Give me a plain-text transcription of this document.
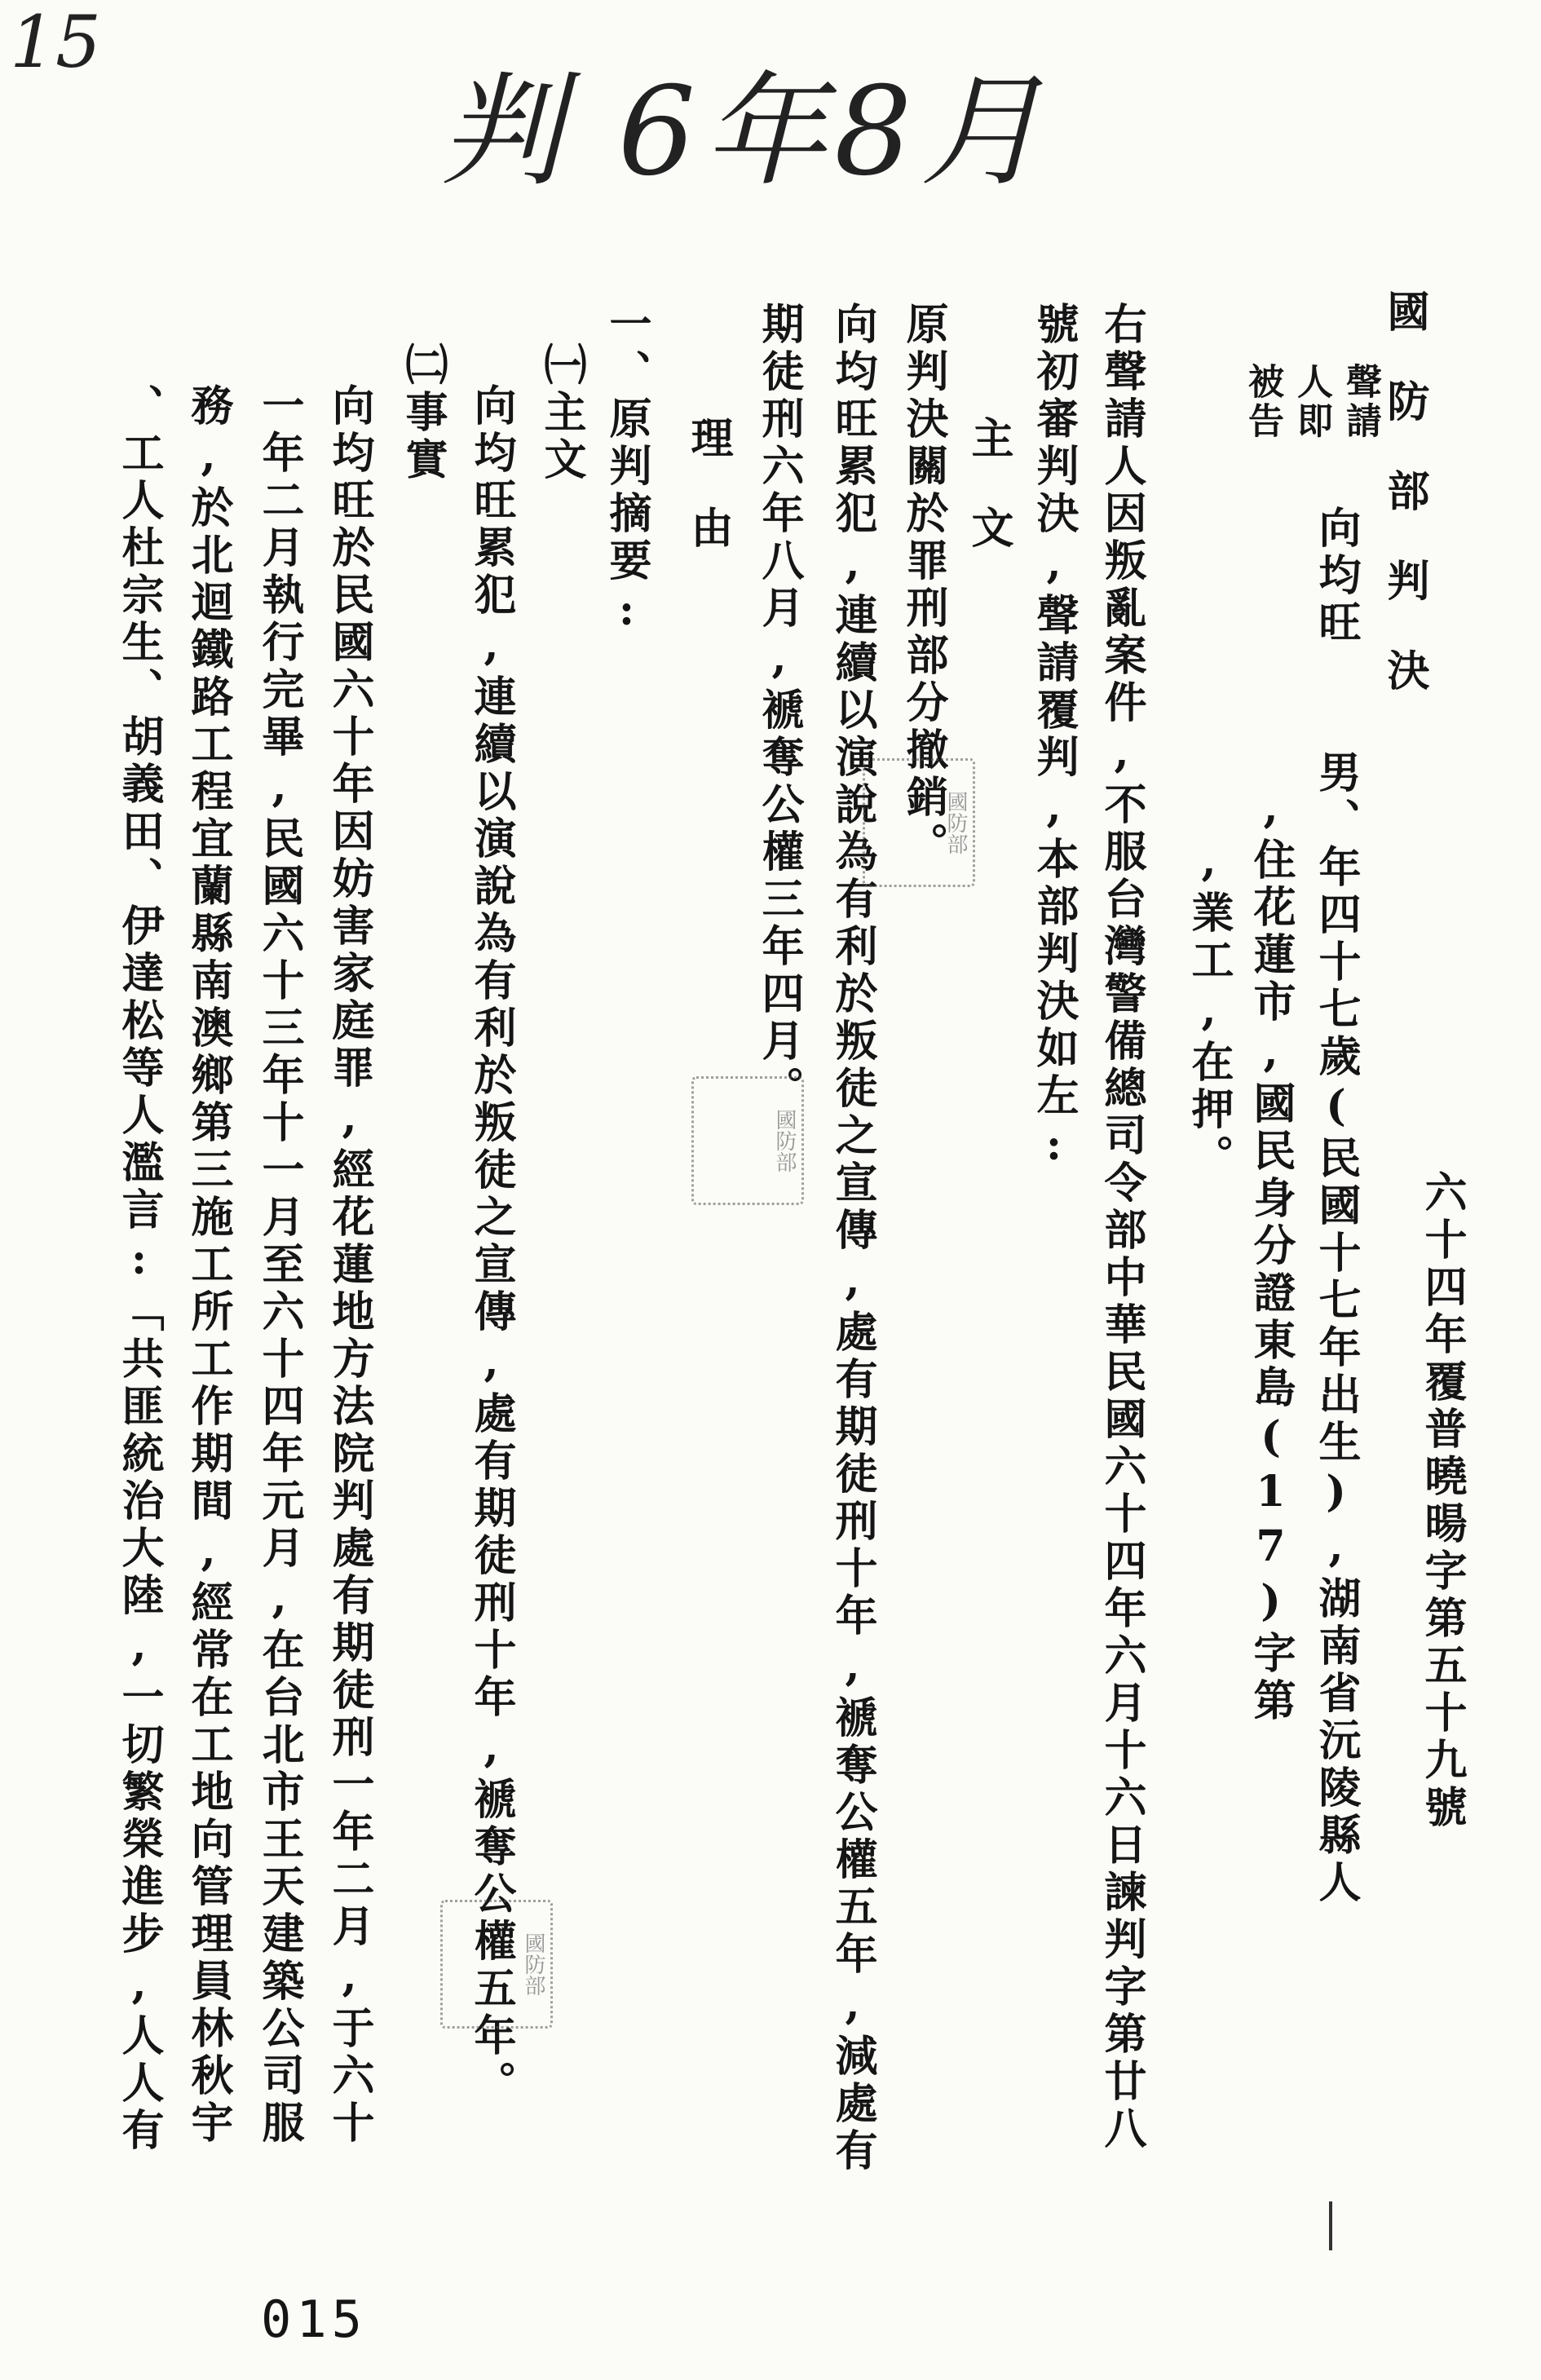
15
判 6年8月
國防部判決
六十四年覆普曉暘字第五十九號
聲請人即被告
向均旺
男、年四十七歲(民國十七年出生),湖南省沅陵縣人
,住花蓮市,國民身分證東島(17)字第
,業工,在押。
右聲請人因叛亂案件,不服台灣警備總司令部中華民國六十四年六月十六日諫判字第廿八
號初審判決,聲請覆判,本部判決如左:
主文
原判決關於罪刑部分撤銷。
向均旺累犯,連續以演說為有利於叛徒之宣傳,處有期徒刑十年,褫奪公權五年,減處有
期徒刑六年八月,褫奪公權三年四月。
理由
一、原判摘要:
㈠主文
向均旺累犯,連續以演說為有利於叛徒之宣傳,處有期徒刑十年,褫奪公權五年。
㈡事實
向均旺於民國六十年因妨害家庭罪,經花蓮地方法院判處有期徒刑一年二月,于六十
一年二月執行完畢,民國六十三年十一月至六十四年元月,在台北市王天建築公司服
務,於北迴鐵路工程宜蘭縣南澳鄉第三施工所工作期間,經常在工地向管理員林秋宇
、工人杜宗生、胡義田、伊達松等人濫言:「共匪統治大陸,一切繁榮進步,人人有	國防部
國防部
國防部
015
